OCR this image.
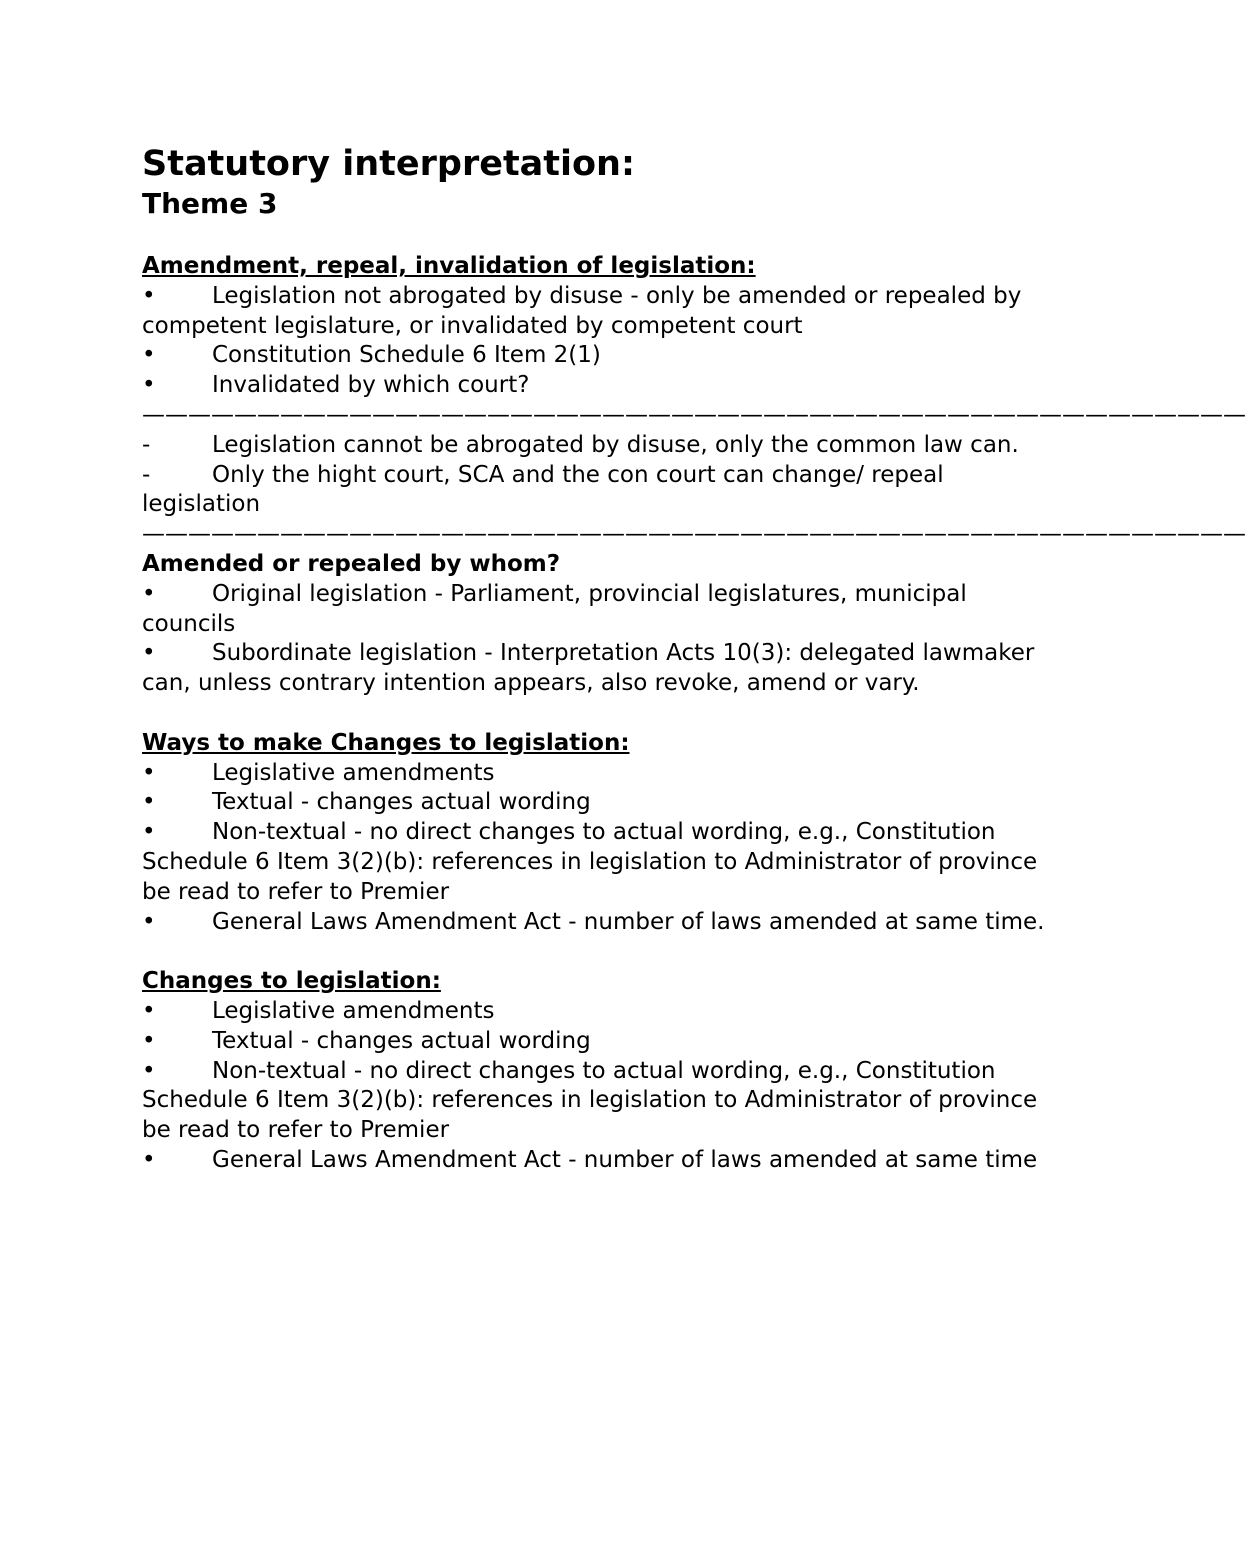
Statutory interpretation:
Theme 3

Amendment, repeal, invalidation of legislation:

• Legislation not abrogated by disuse - only be amended or repealed by competent legislature, or invalidated by competent court

• Constitution Schedule 6 Item 2(1)

• Invalidated by which court?

————————————————————————————————————————————————

-	Legislation cannot be abrogated by disuse, only the common law can.

-	Only the hight court, SCA and the con court can change/ repeal legislation

————————————————————————————————————————————————

Amended or repealed by whom?

• Original legislation - Parliament, provincial legislatures, municipal councils

• Subordinate legislation - Interpretation Acts 10(3): delegated lawmaker can, unless contrary intention appears, also revoke, amend or vary.

Ways to make Changes to legislation:

• Legislative amendments

• Textual - changes actual wording

• Non-textual - no direct changes to actual wording, e.g., Constitution Schedule 6 Item 3(2)(b): references in legislation to Administrator of province be read to refer to Premier

• General Laws Amendment Act - number of laws amended at same time.

Changes to legislation:

• Legislative amendments

• Textual - changes actual wording

• Non-textual - no direct changes to actual wording, e.g., Constitution Schedule 6 Item 3(2)(b): references in legislation to Administrator of province be read to refer to Premier

• General Laws Amendment Act - number of laws amended at same time
